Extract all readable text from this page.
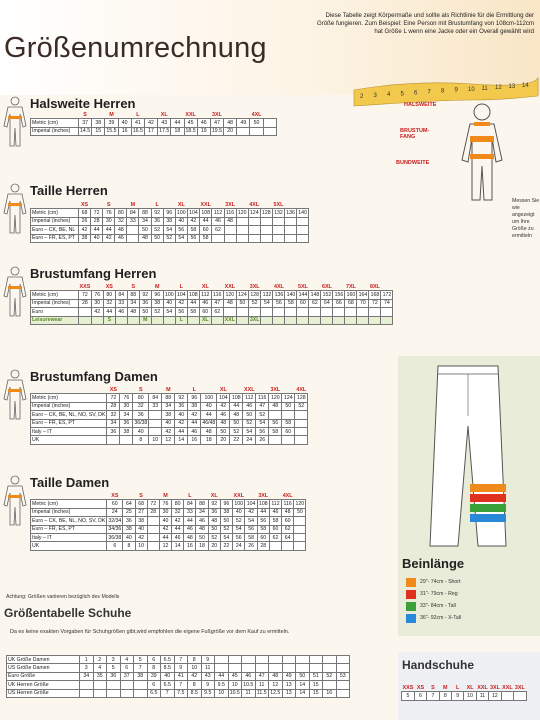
Größenumrechnung
Diese Tabelle zeigt Körpermaße und sollte als Richtlinie für die Ermittlung der Größe fungieren. Zum Beispiel: Eine Person mit Brustumfang von 108cm-112cm hat Größe L wenn eine Jacke oder ein Overall gewählt wird
2 3 4 5 6 7 8 9 10 11 12 13 14
HALSWEITE
BRUSTUM-FANG
BUNDWEITE
Messen Sie wie angezeigt um Ihre Größe zu ermitteln
Halsweite Herren
	S		M		L		XL		XXL		3XL			4XL	
Metric (cm)	37	38	39	40	41	42	43	44	45	46	47	48	49	50	
Imperial (inches)	14.5	15	15.5	16	16.5	17	17.5	18	18.5	19	19.5	20			
Taille Herren
	XS		S		M		L		XL		XXL		3XL		4XL		5XL		
Metric (cm)	68	72	76	80	84	88	92	96	100	104	108	112	116	120	124	128	132	136	140
Imperial (inches)	26	28	30	32	33	34	36	38	40	42	44	46	48						
Euro – CK, BE, NL	42	44	44	48		50	52	54	56	58	60	62							
Euro – FR, ES, PT	38	40	42	46		48	50	52	54	56	58								
Brustumfang Herren
	XXS		XS		S		M		L		XL		XXL		3XL		4XL		5XL		6XL		7XL		8XL	
Metric (cm)	72	76	80	84	88	92	96	100	104	108	112	116	120	124	128	132	136	140	144	148	152	156	160	164	168	172
Imperial (inches)	28	30	32	33	34	36	38	40	42	44	46	47	48	50	52	54	56	58	60	62	64	66	68	70	72	74
Euro		42	44	46	48	50	52	54	56	58	60	62														
Leisurewear			S			M			L		XL		XXL		3XL											
Brustumfang Damen
	XS		S		M		L		XL		XXL		3XL		4XL
Metric (cm)	72	76	80	84	88	92	96	100	104	108	112	116	120	124	128
Imperial (inches)	28	30	32	33	34	36	38	40	42	44	46	47	48	50	52
Euro – CK, BE, NL, NO, SV, DK	32	34	36		38	40	42	44	46	48	50	52			
Euro – FR, ES, PT	34	36	36/38		40	42	44	46/48	48	50	52	54	56	58	
Italy – IT	36	38	40		42	44	46	48	50	52	54	56	58	60	
UK			8	10	12	14	16	18	20	22	24	26			
Taille Damen
	XS		S		M		L		XL		XXL		3XL		4XL	
Metric (cm)	60	64	68	72	76	80	84	88	92	96	100	104	108	112	116	120
Imperial (inches)	24	25	27	28	30	32	33	34	36	38	40	42	44	46	48	50
Euro – CK, BE, NL, NO, SV, DK	32/34	36	38		40	42	44	46	48	50	52	54	56	58	60	
Euro – FR, ES, PT	34/36	38	40		42	44	46	48	50	52	54	56	58	60	62	
Italy – IT	36/38	40	42		44	46	48	50	52	54	56	58	60	62	64	
UK	6	8	10		12	14	16	18	20	22	24	26	28			
Achtung: Größen variieren bezüglich des Modells
Größentabelle Schuhe
Da es keine exakten Vorgaben für Schuhgrößen gibt,wird empfohlen die eigene Fußgröße vor dem Kauf zu ermitteln.
UK Größe Damen	1	2	3	4	5	6	6.5	7	8	9										
US Größe Damen	3	4	5	6	7	8	8.5	9	10	11										
Euro Größe	34	35	36	37	38	39	40	41	42	43	44	45	46	47	48	49	50	51	52	53
UK Herren Größe						6	6.5	7	8	9	9.5	10	10.5	11	12	13	14	15		
US Herren Größe						6.5	7	7.5	8.5	9.5	10	10.5	11	11.5	12.5	13	14	15	16	
Beinlänge
29"- 74cm - Short
31"- 79cm - Reg
33"- 84cm - Tall
36"- 92cm - X-Tall
Handschuhe
XXS	XS	S	M	L	XL	XXL	3XL	XXL	3XL
5	6	7	8	9	10	11	12		
